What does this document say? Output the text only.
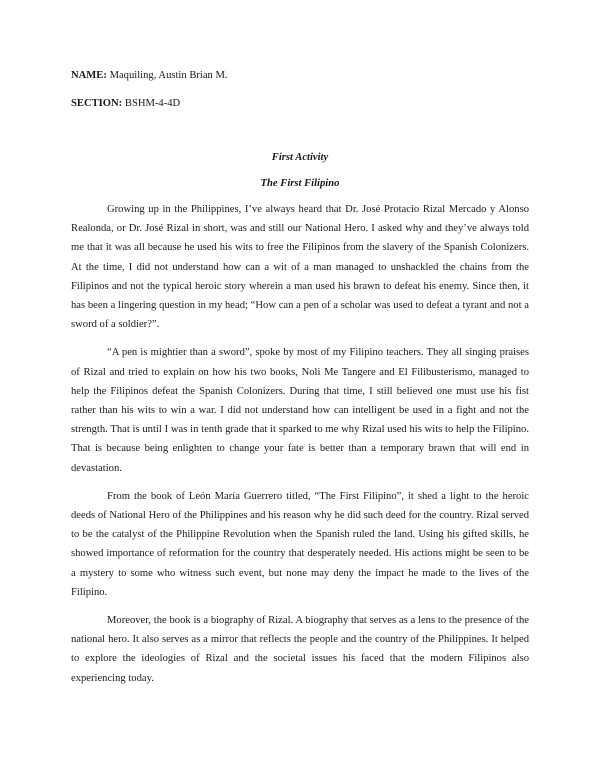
NAME: Maquiling, Austin Brian M.

SECTION: BSHM-4-4D

First Activity

The First Filipino

Growing up in the Philippines, I’ve always heard that Dr. José Protacio Rizal Mercado y Alonso Realonda, or Dr. José Rizal in short, was and still our National Hero. I asked why and they’ve always told me that it was all because he used his wits to free the Filipinos from the slavery of the Spanish Colonizers. At the time, I did not understand how can a wit of a man managed to unshackled the chains from the Filipinos and not the typical heroic story wherein a man used his brawn to defeat his enemy. Since then, it has been a lingering question in my head; “How can a pen of a scholar was used to defeat a tyrant and not a sword of a soldier?”.

“A pen is mightier than a sword”, spoke by most of my Filipino teachers. They all singing praises of Rizal and tried to explain on how his two books, Noli Me Tangere and El Filibusterismo, managed to help the Filipinos defeat the Spanish Colonizers. During that time, I still believed one must use his fist rather than his wits to win a war. I did not understand how can intelligent be used in a fight and not the strength. That is until I was in tenth grade that it sparked to me why Rizal used his wits to help the Filipino. That is because being enlighten to change your fate is better than a temporary brawn that will end in devastation.

From the book of León María Guerrero titled, “The First Filipino”, it shed a light to the heroic deeds of National Hero of the Philippines and his reason why he did such deed for the country. Rizal served to be the catalyst of the Philippine Revolution when the Spanish ruled the land. Using his gifted skills, he showed importance of reformation for the country that desperately needed. His actions might be seen to be a mystery to some who witness such event, but none may deny the impact he made to the lives of the Filipino.

Moreover, the book is a biography of Rizal. A biography that serves as a lens to the presence of the national hero. It also serves as a mirror that reflects the people and the country of the Philippines. It helped to explore the ideologies of Rizal and the societal issues his faced that the modern Filipinos also experiencing today.
